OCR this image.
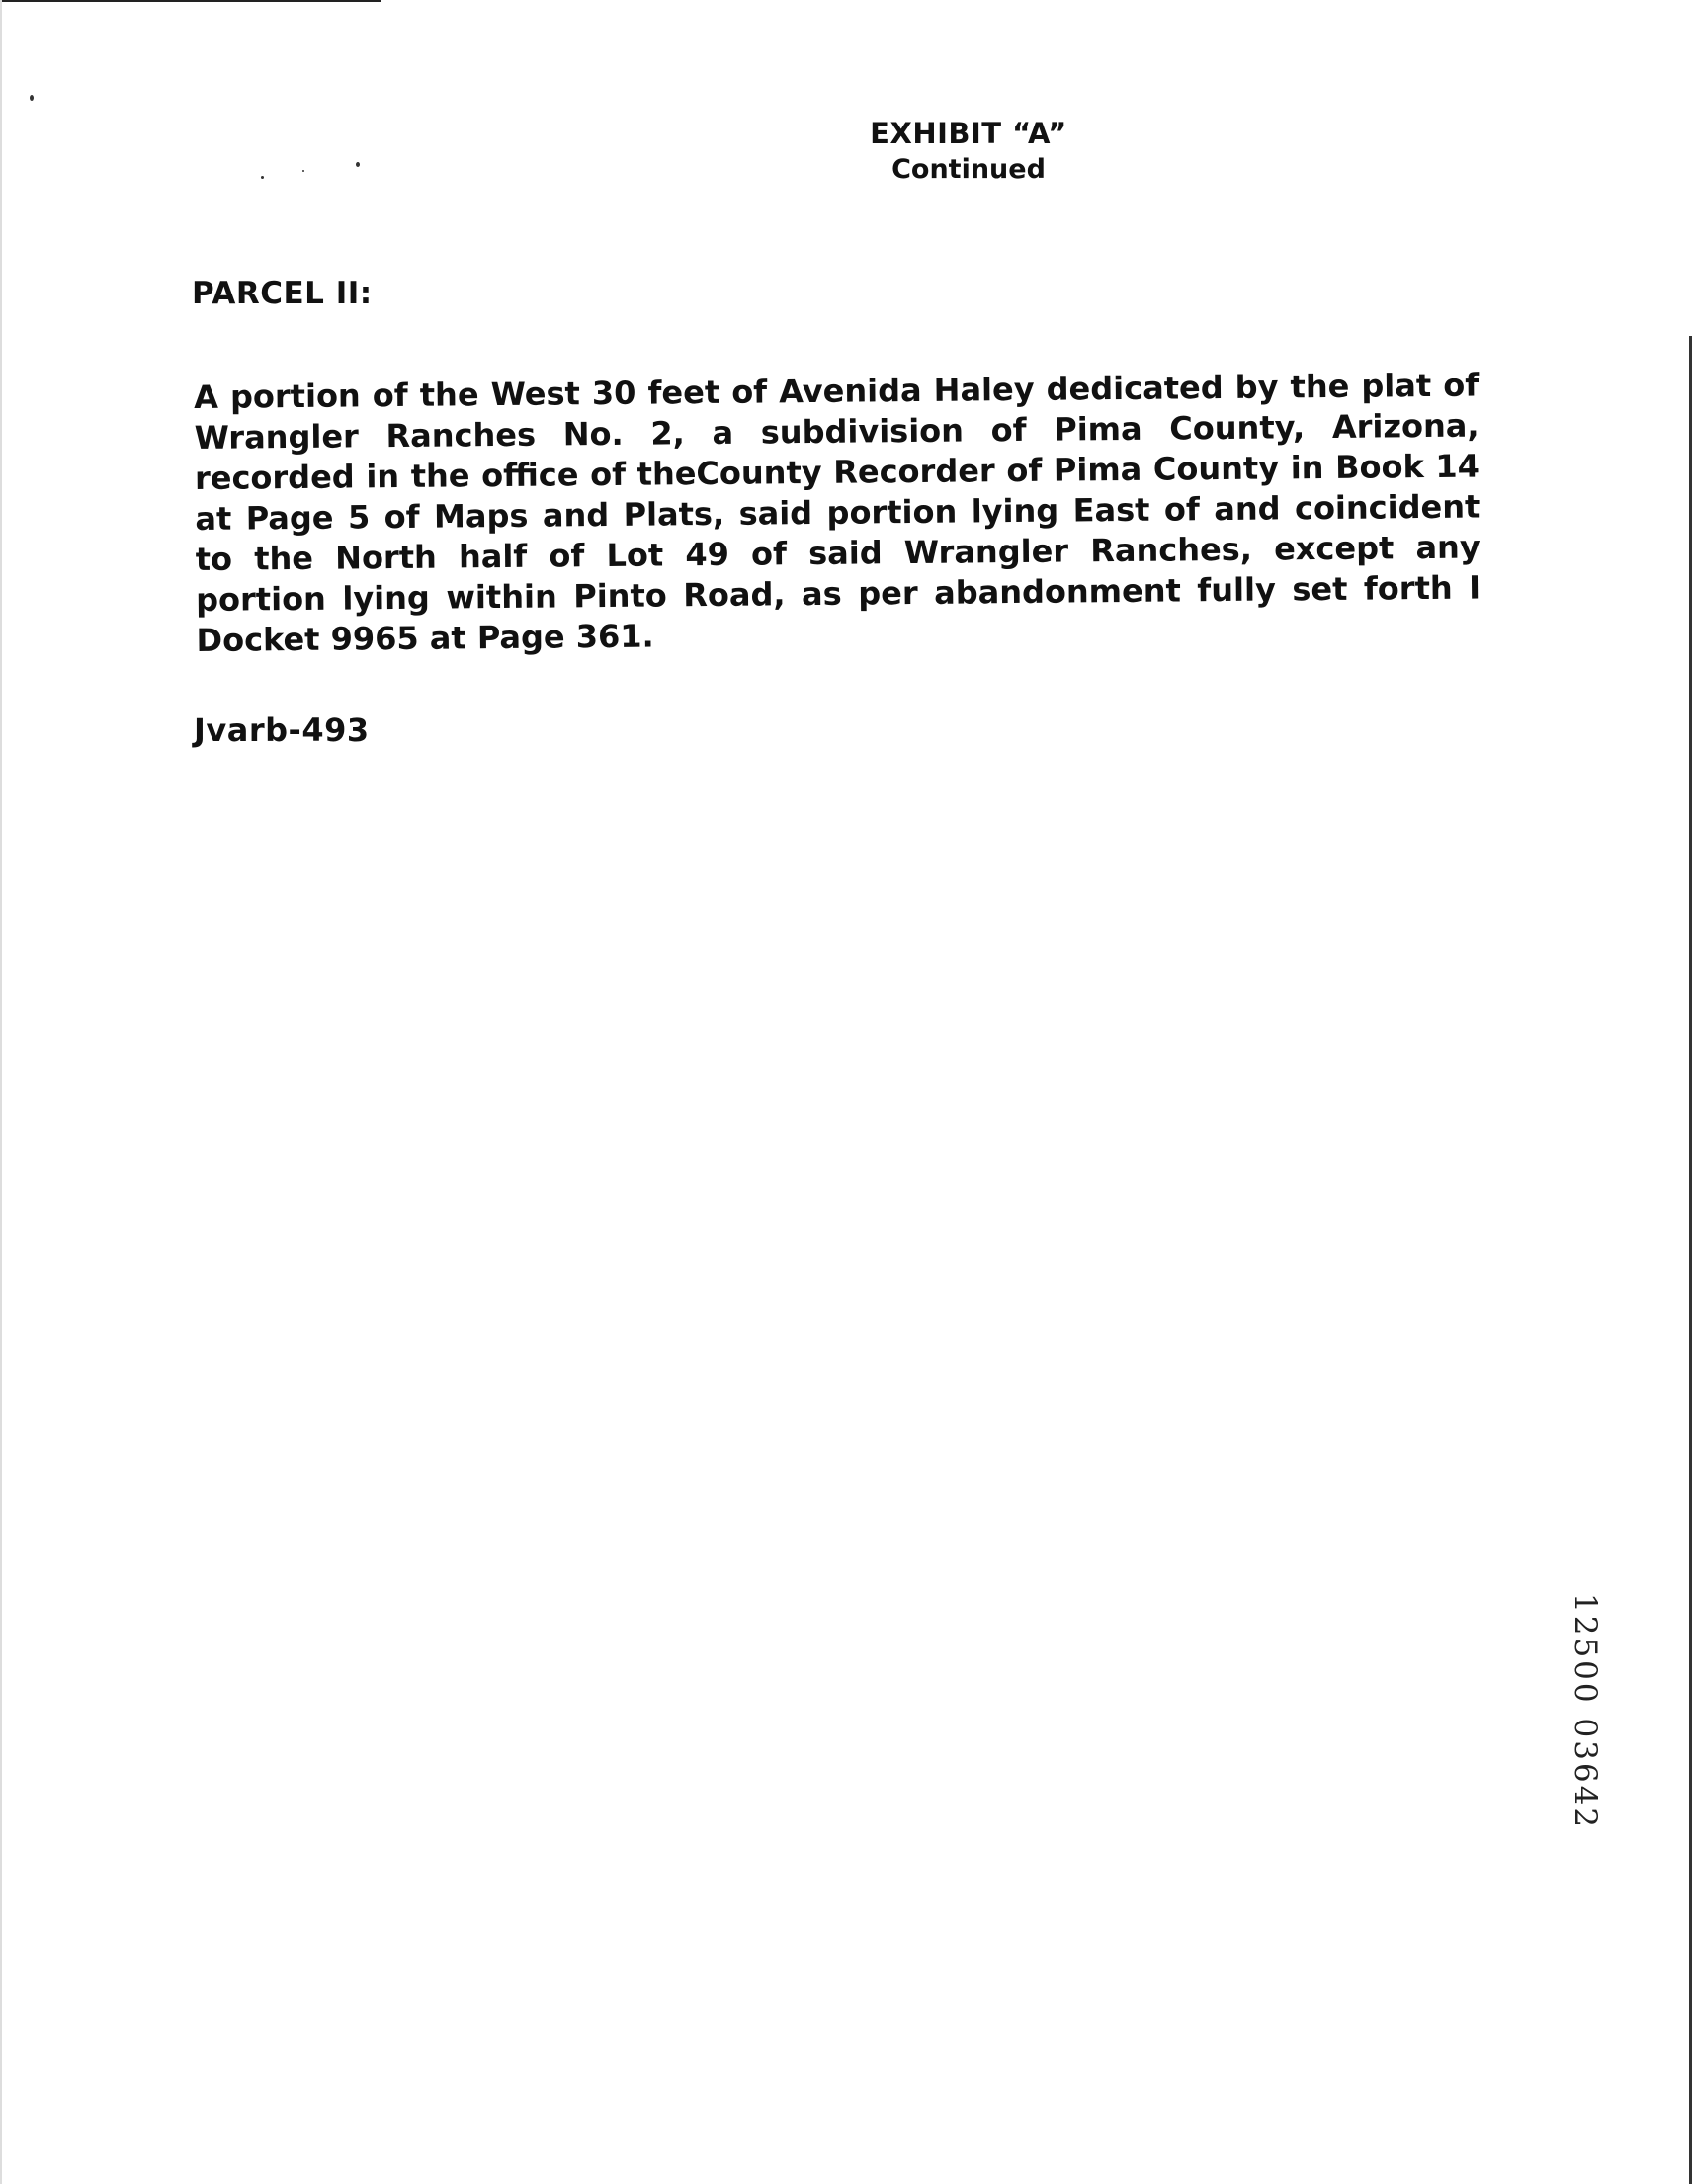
EXHIBIT “A”
Continued
PARCEL II:
A portion of the West 30 feet of Avenida Haley dedicated by the plat of Wrangler Ranches No. 2, a subdivision of Pima County, Arizona, recorded in the office of theCounty Recorder of Pima County in Book 14 at Page 5 of Maps and Plats, said portion lying East of and coincident to the North half of Lot 49 of said Wrangler Ranches, except any portion lying within Pinto Road, as per abandonment fully set forth I Docket 9965 at Page 361.
Jvarb-493
12500 03642
